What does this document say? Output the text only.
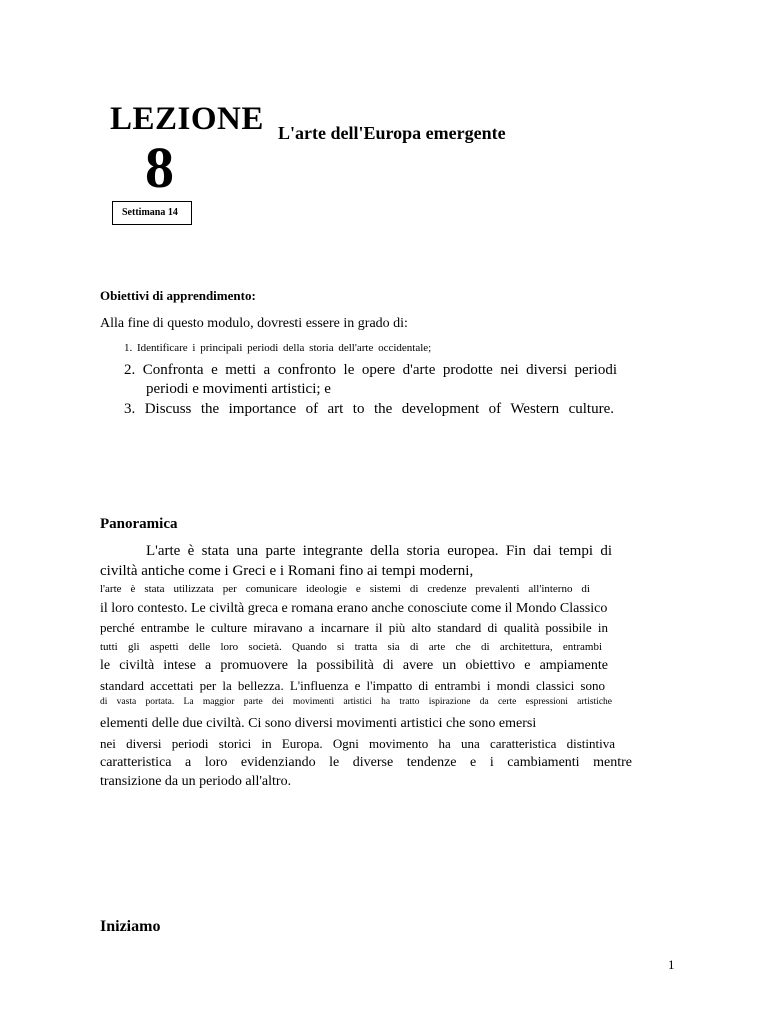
LEZIONE
8
L'arte dell'Europa emergente
Settimana 14
Obiettivi di apprendimento:
Alla fine di questo modulo, dovresti essere in grado di:
1. Identificare i principali periodi della storia dell'arte occidentale;
2. Confronta e metti a confronto le opere d'arte prodotte nei diversi periodi
periodi e movimenti artistici; e
3. Discuss the importance of art to the development of Western culture.
Panoramica
L'arte è stata una parte integrante della storia europea. Fin dai tempi di
civiltà antiche come i Greci e i Romani fino ai tempi moderni,
l'arte è stata utilizzata per comunicare ideologie e sistemi di credenze prevalenti all'interno di
il loro contesto. Le civiltà greca e romana erano anche conosciute come il Mondo Classico
perché entrambe le culture miravano a incarnare il più alto standard di qualità possibile in
tutti gli aspetti delle loro società. Quando si tratta sia di arte che di architettura, entrambi
le civiltà intese a promuovere la possibilità di avere un obiettivo e ampiamente
standard accettati per la bellezza. L'influenza e l'impatto di entrambi i mondi classici sono
di vasta portata. La maggior parte dei movimenti artistici ha tratto ispirazione da certe espressioni artistiche
elementi delle due civiltà. Ci sono diversi movimenti artistici che sono emersi
nei diversi periodi storici in Europa. Ogni movimento ha una caratteristica distintiva
caratteristica a loro evidenziando le diverse tendenze e i cambiamenti mentre
transizione da un periodo all'altro.
Iniziamo
1
